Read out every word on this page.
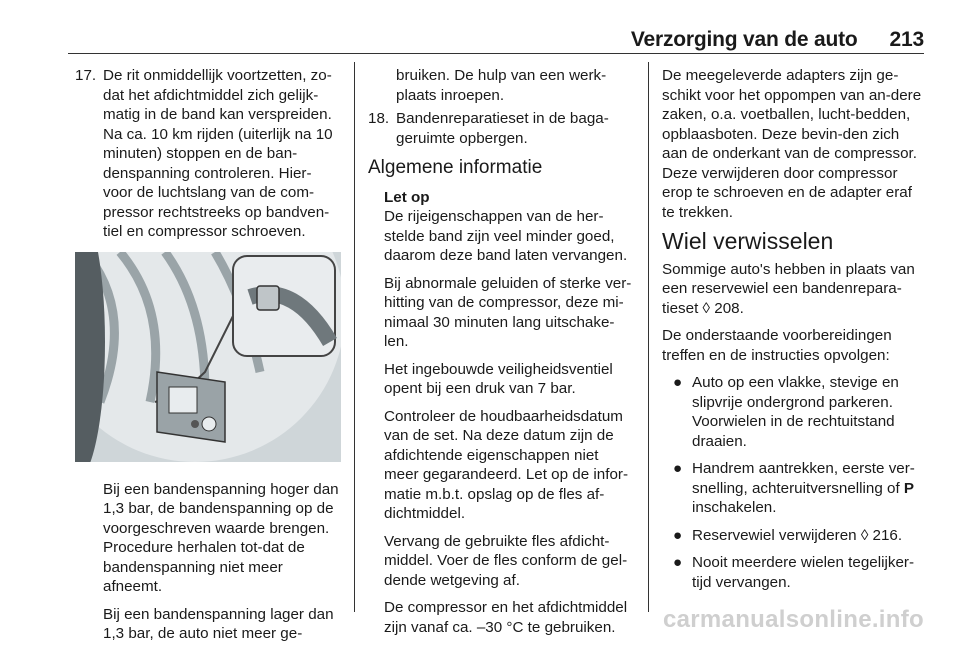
Verzorging van de auto 213
17. De rit onmiddellijk voortzetten, zo-dat het afdichtmiddel zich gelijk-matig in de band kan verspreiden. Na ca. 10 km rijden (uiterlijk na 10 minuten) stoppen en de ban-denspanning controleren. Hier-voor de luchtslang van de com-pressor rechtstreeks op bandven-tiel en compressor schroeven.

Bij een bandenspanning hoger dan 1,3 bar, de bandenspanning op de voorgeschreven waarde brengen. Procedure herhalen tot-dat de bandenspanning niet meer afneemt.

Bij een bandenspanning lager dan 1,3 bar, de auto niet meer ge-

bruiken. De hulp van een werk-plaats inroepen.

18. Bandenreparatieset in de baga-geruimte opbergen.
Algemene informatie
Let op

De rijeigenschappen van de her-stelde band zijn veel minder goed, daarom deze band laten vervangen.

Bij abnormale geluiden of sterke ver-hitting van de compressor, deze mi-nimaal 30 minuten lang uitschake-len.

Het ingebouwde veiligheidsventiel opent bij een druk van 7 bar.

Controleer de houdbaarheidsdatum van de set. Na deze datum zijn de afdichtende eigenschappen niet meer gegarandeerd. Let op de infor-matie m.b.t. opslag op de fles af-dichtmiddel.

Vervang de gebruikte fles afdicht-middel. Voer de fles conform de gel-dende wetgeving af.

De compressor en het afdichtmiddel zijn vanaf ca. –30 °C te gebruiken.

De meegeleverde adapters zijn ge-schikt voor het oppompen van an-dere zaken, o.a. voetballen, lucht-bedden, opblaasboten. Deze bevin-den zich aan de onderkant van de compressor. Deze verwijderen door compressor erop te schroeven en de adapter eraf te trekken.

Wiel verwisselen

Sommige auto's hebben in plaats van een reservewiel een bandenrepara-tieset ◊ 208.

De onderstaande voorbereidingen treffen en de instructies opvolgen:

● Auto op een vlakke, stevige en slipvrije ondergrond parkeren. Voorwielen in de rechtuitstand draaien.
● Handrem aantrekken, eerste ver-snelling, achteruitversnelling of P inschakelen.
● Reservewiel verwijderen ◊ 216.
● Nooit meerdere wielen tegelijker-tijd vervangen.
carmanualsonline.info
